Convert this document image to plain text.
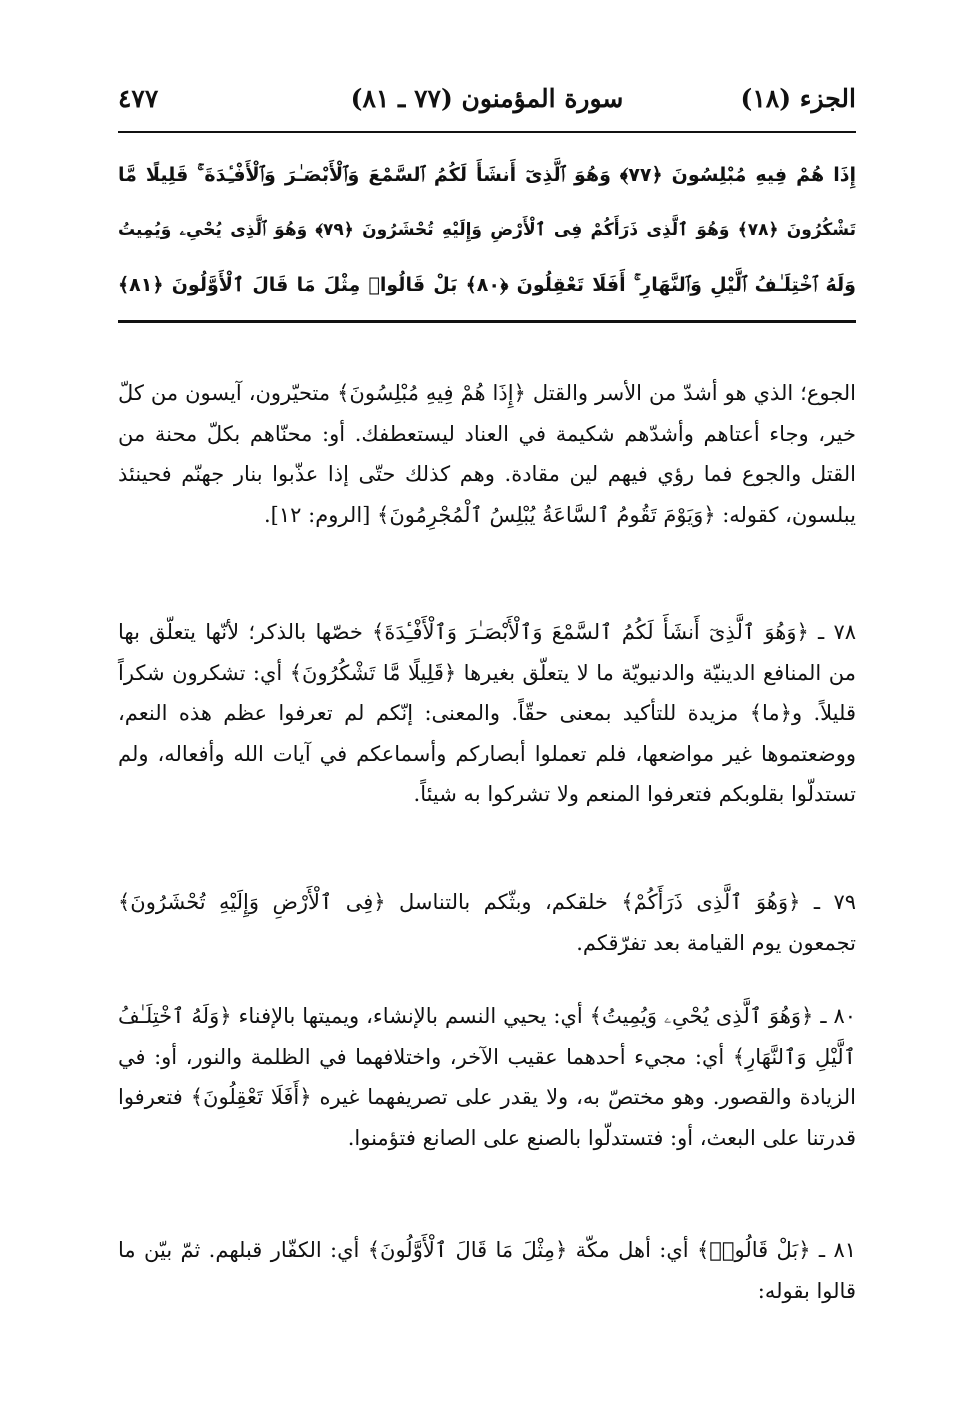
الجزء (١٨)
سورة المؤمنون (٧٧ ـ ٨١)
٤٧٧
إِذَا هُمْ فِيهِ مُبْلِسُونَ ﴿٧٧﴾ وَهُوَ ٱلَّذِىٓ أَنشَأَ لَكُمُ ٱلسَّمْعَ وَٱلْأَبْصَـٰرَ وَٱلْأَفْـِٔدَةَ ۚ قَلِيلًا مَّا
تَشْكُرُونَ ﴿٧٨﴾ وَهُوَ ٱلَّذِى ذَرَأَكُمْ فِى ٱلْأَرْضِ وَإِلَيْهِ تُحْشَرُونَ ﴿٧٩﴾ وَهُوَ ٱلَّذِى يُحْىِۦ وَيُمِيتُ
وَلَهُ ٱخْتِلَـٰفُ ٱلَّيْلِ وَٱلنَّهَارِ ۚ أَفَلَا تَعْقِلُونَ ﴿٨٠﴾ بَلْ قَالُوا۟ مِثْلَ مَا قَالَ ٱلْأَوَّلُونَ ﴿٨١﴾

الجوع؛ الذي هو أشدّ من الأسر والقتل ﴿إِذَا هُمْ فِيهِ مُبْلِسُونَ﴾ متحيّرون، آيسون من كلّ خير، وجاء أعتاهم وأشدّهم شكيمة في العناد ليستعطفك. أو: محنّاهم بكلّ محنة من القتل والجوع فما رؤي فيهم لين مقادة. وهم كذلك حتّى إذا عذّبوا بنار جهنّم فحينئذ يبلسون، كقوله: ﴿وَيَوْمَ تَقُومُ ٱلسَّاعَةُ يُبْلِسُ ٱلْمُجْرِمُونَ﴾ [الروم: ١٢].

٧٨ ـ ﴿وَهُوَ ٱلَّذِىٓ أَنشَأَ لَكُمُ ٱلسَّمْعَ وَٱلْأَبْصَـٰرَ وَٱلْأَفْـِٔدَةَ﴾ خصّها بالذكر؛ لأنّها يتعلّق بها من المنافع الدينيّة والدنيويّة ما لا يتعلّق بغيرها ﴿قَلِيلًا مَّا تَشْكُرُونَ﴾ أي: تشكرون شكراً قليلاً. و﴿ما﴾ مزيدة للتأكيد بمعنى حقّاً. والمعنى: إنّكم لم تعرفوا عظم هذه النعم، ووضعتموها غير مواضعها، فلم تعملوا أبصاركم وأسماعكم في آيات الله وأفعاله، ولم تستدلّوا بقلوبكم فتعرفوا المنعم ولا تشركوا به شيئاً.

٧٩ ـ ﴿وَهُوَ ٱلَّذِى ذَرَأَكُمْ﴾ خلقكم، وبثّكم بالتناسل ﴿فِى ٱلْأَرْضِ وَإِلَيْهِ تُحْشَرُونَ﴾ تجمعون يوم القيامة بعد تفرّقكم.

٨٠ ـ ﴿وَهُوَ ٱلَّذِى يُحْىِۦ وَيُمِيتُ﴾ أي: يحيي النسم بالإنشاء، ويميتها بالإفناء ﴿وَلَهُ ٱخْتِلَـٰفُ ٱلَّيْلِ وَٱلنَّهَارِ﴾ أي: مجيء أحدهما عقيب الآخر، واختلافهما في الظلمة والنور، أو: في الزيادة والقصور. وهو مختصّ به، ولا يقدر على تصريفهما غيره ﴿أَفَلَا تَعْقِلُونَ﴾ فتعرفوا قدرتنا على البعث، أو: فتستدلّوا بالصنع على الصانع فتؤمنوا.

٨١ ـ ﴿بَلْ قَالُوا۟﴾ أي: أهل مكّة ﴿مِثْلَ مَا قَالَ ٱلْأَوَّلُونَ﴾ أي: الكفّار قبلهم. ثمّ بيّن ما قالوا بقوله:
